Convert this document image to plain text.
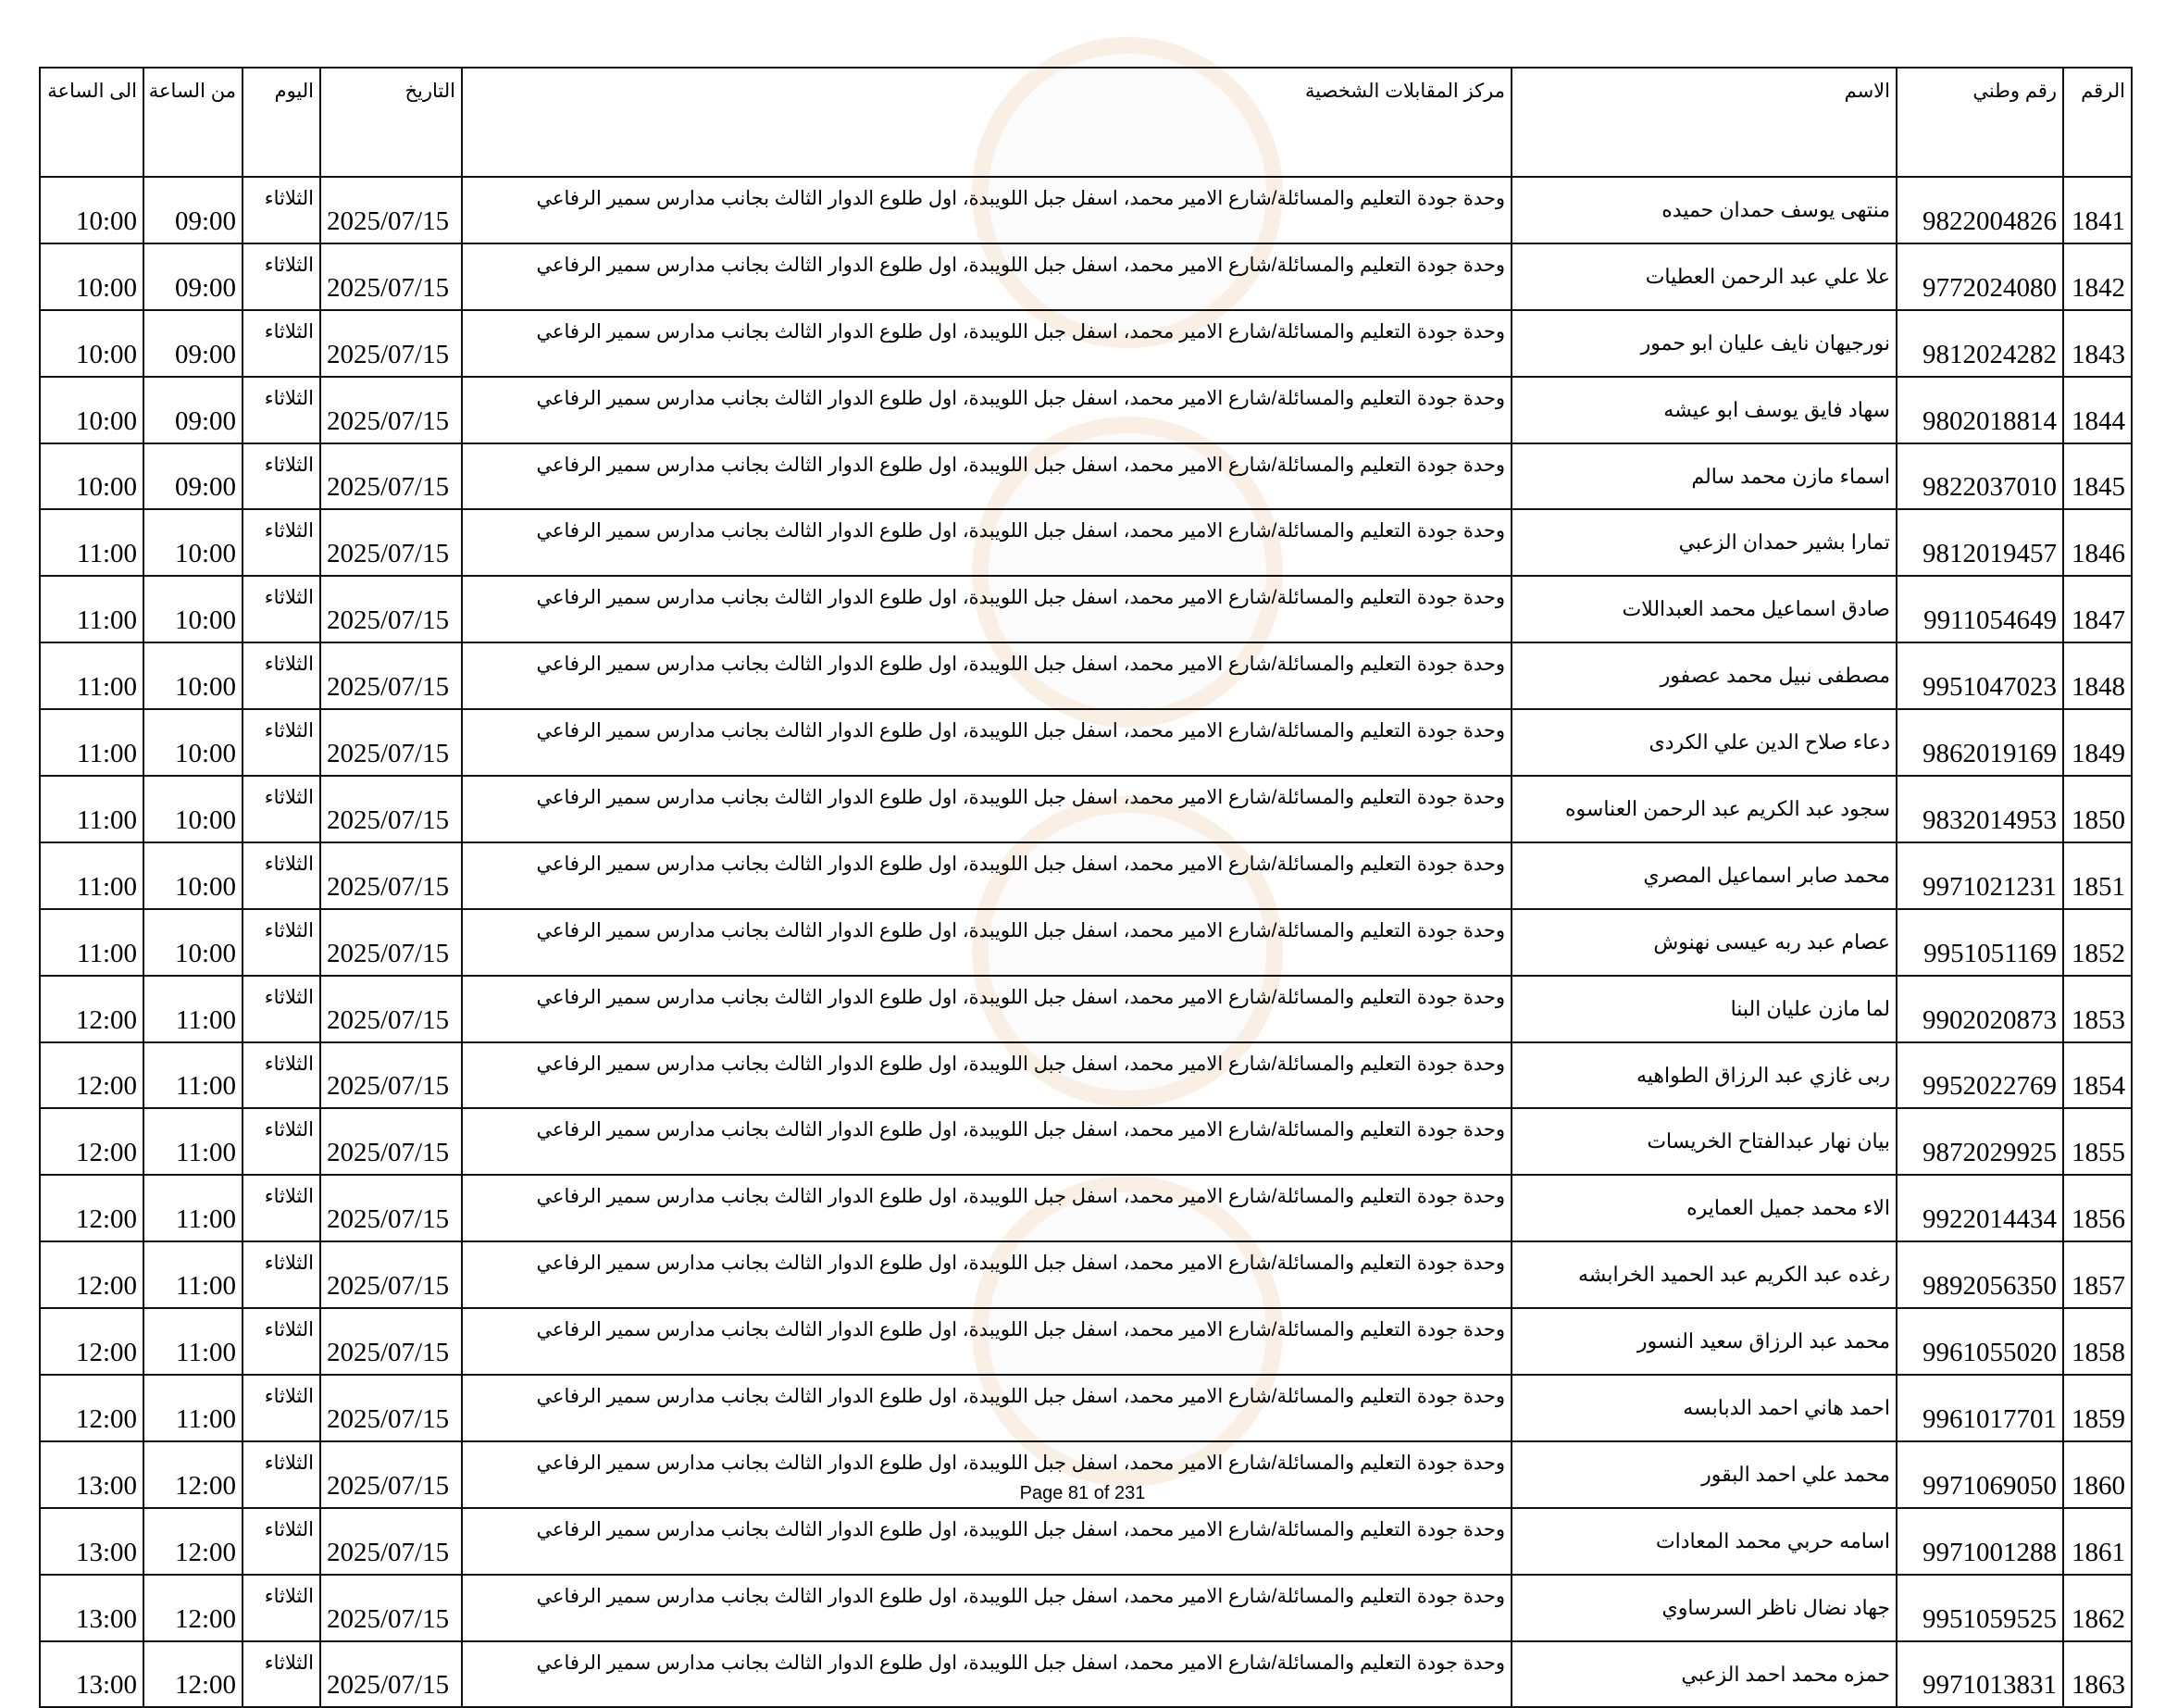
الرقم	رقم وطني	الاسم	مركز المقابلات الشخصية	التاريخ	اليوم	من الساعة	الى الساعة
1841	9822004826	منتهى يوسف حمدان حميده	وحدة جودة التعليم والمسائلة/شارع الامير محمد، اسفل جبل اللويبدة، اول طلوع الدوار الثالث بجانب مدارس سمير الرفاعي	2025/07/15	الثلاثاء	09:00	10:00
1842	9772024080	علا علي عبد الرحمن العطيات	وحدة جودة التعليم والمسائلة/شارع الامير محمد، اسفل جبل اللويبدة، اول طلوع الدوار الثالث بجانب مدارس سمير الرفاعي	2025/07/15	الثلاثاء	09:00	10:00
1843	9812024282	نورجيهان نايف عليان ابو حمور	وحدة جودة التعليم والمسائلة/شارع الامير محمد، اسفل جبل اللويبدة، اول طلوع الدوار الثالث بجانب مدارس سمير الرفاعي	2025/07/15	الثلاثاء	09:00	10:00
1844	9802018814	سهاد فايق يوسف ابو عيشه	وحدة جودة التعليم والمسائلة/شارع الامير محمد، اسفل جبل اللويبدة، اول طلوع الدوار الثالث بجانب مدارس سمير الرفاعي	2025/07/15	الثلاثاء	09:00	10:00
1845	9822037010	اسماء مازن محمد سالم	وحدة جودة التعليم والمسائلة/شارع الامير محمد، اسفل جبل اللويبدة، اول طلوع الدوار الثالث بجانب مدارس سمير الرفاعي	2025/07/15	الثلاثاء	09:00	10:00
1846	9812019457	تمارا بشير حمدان الزعبي	وحدة جودة التعليم والمسائلة/شارع الامير محمد، اسفل جبل اللويبدة، اول طلوع الدوار الثالث بجانب مدارس سمير الرفاعي	2025/07/15	الثلاثاء	10:00	11:00
1847	9911054649	صادق اسماعيل محمد العبداللات	وحدة جودة التعليم والمسائلة/شارع الامير محمد، اسفل جبل اللويبدة، اول طلوع الدوار الثالث بجانب مدارس سمير الرفاعي	2025/07/15	الثلاثاء	10:00	11:00
1848	9951047023	مصطفى نبيل محمد عصفور	وحدة جودة التعليم والمسائلة/شارع الامير محمد، اسفل جبل اللويبدة، اول طلوع الدوار الثالث بجانب مدارس سمير الرفاعي	2025/07/15	الثلاثاء	10:00	11:00
1849	9862019169	دعاء صلاح الدين علي الكردى	وحدة جودة التعليم والمسائلة/شارع الامير محمد، اسفل جبل اللويبدة، اول طلوع الدوار الثالث بجانب مدارس سمير الرفاعي	2025/07/15	الثلاثاء	10:00	11:00
1850	9832014953	سجود عبد الكريم عبد الرحمن العناسوه	وحدة جودة التعليم والمسائلة/شارع الامير محمد، اسفل جبل اللويبدة، اول طلوع الدوار الثالث بجانب مدارس سمير الرفاعي	2025/07/15	الثلاثاء	10:00	11:00
1851	9971021231	محمد صابر اسماعيل المصري	وحدة جودة التعليم والمسائلة/شارع الامير محمد، اسفل جبل اللويبدة، اول طلوع الدوار الثالث بجانب مدارس سمير الرفاعي	2025/07/15	الثلاثاء	10:00	11:00
1852	9951051169	عصام عبد ربه عيسى نهنوش	وحدة جودة التعليم والمسائلة/شارع الامير محمد، اسفل جبل اللويبدة، اول طلوع الدوار الثالث بجانب مدارس سمير الرفاعي	2025/07/15	الثلاثاء	10:00	11:00
1853	9902020873	لما مازن عليان البنا	وحدة جودة التعليم والمسائلة/شارع الامير محمد، اسفل جبل اللويبدة، اول طلوع الدوار الثالث بجانب مدارس سمير الرفاعي	2025/07/15	الثلاثاء	11:00	12:00
1854	9952022769	ربى غازي عبد الرزاق الطواهيه	وحدة جودة التعليم والمسائلة/شارع الامير محمد، اسفل جبل اللويبدة، اول طلوع الدوار الثالث بجانب مدارس سمير الرفاعي	2025/07/15	الثلاثاء	11:00	12:00
1855	9872029925	بيان نهار عبدالفتاح الخريسات	وحدة جودة التعليم والمسائلة/شارع الامير محمد، اسفل جبل اللويبدة، اول طلوع الدوار الثالث بجانب مدارس سمير الرفاعي	2025/07/15	الثلاثاء	11:00	12:00
1856	9922014434	الاء محمد جميل العمايره	وحدة جودة التعليم والمسائلة/شارع الامير محمد، اسفل جبل اللويبدة، اول طلوع الدوار الثالث بجانب مدارس سمير الرفاعي	2025/07/15	الثلاثاء	11:00	12:00
1857	9892056350	رغده عبد الكريم عبد الحميد الخرابشه	وحدة جودة التعليم والمسائلة/شارع الامير محمد، اسفل جبل اللويبدة، اول طلوع الدوار الثالث بجانب مدارس سمير الرفاعي	2025/07/15	الثلاثاء	11:00	12:00
1858	9961055020	محمد عبد الرزاق سعيد النسور	وحدة جودة التعليم والمسائلة/شارع الامير محمد، اسفل جبل اللويبدة، اول طلوع الدوار الثالث بجانب مدارس سمير الرفاعي	2025/07/15	الثلاثاء	11:00	12:00
1859	9961017701	احمد هاني احمد الدبابسه	وحدة جودة التعليم والمسائلة/شارع الامير محمد، اسفل جبل اللويبدة، اول طلوع الدوار الثالث بجانب مدارس سمير الرفاعي	2025/07/15	الثلاثاء	11:00	12:00
1860	9971069050	محمد علي احمد البقور	وحدة جودة التعليم والمسائلة/شارع الامير محمد، اسفل جبل اللويبدة، اول طلوع الدوار الثالث بجانب مدارس سمير الرفاعي	2025/07/15	الثلاثاء	12:00	13:00
1861	9971001288	اسامه حربي محمد المعادات	وحدة جودة التعليم والمسائلة/شارع الامير محمد، اسفل جبل اللويبدة، اول طلوع الدوار الثالث بجانب مدارس سمير الرفاعي	2025/07/15	الثلاثاء	12:00	13:00
1862	9951059525	جهاد نضال ناظر السرساوي	وحدة جودة التعليم والمسائلة/شارع الامير محمد، اسفل جبل اللويبدة، اول طلوع الدوار الثالث بجانب مدارس سمير الرفاعي	2025/07/15	الثلاثاء	12:00	13:00
1863	9971013831	حمزه محمد احمد الزعبي	وحدة جودة التعليم والمسائلة/شارع الامير محمد، اسفل جبل اللويبدة، اول طلوع الدوار الثالث بجانب مدارس سمير الرفاعي	2025/07/15	الثلاثاء	12:00	13:00
Page 81 of 231
